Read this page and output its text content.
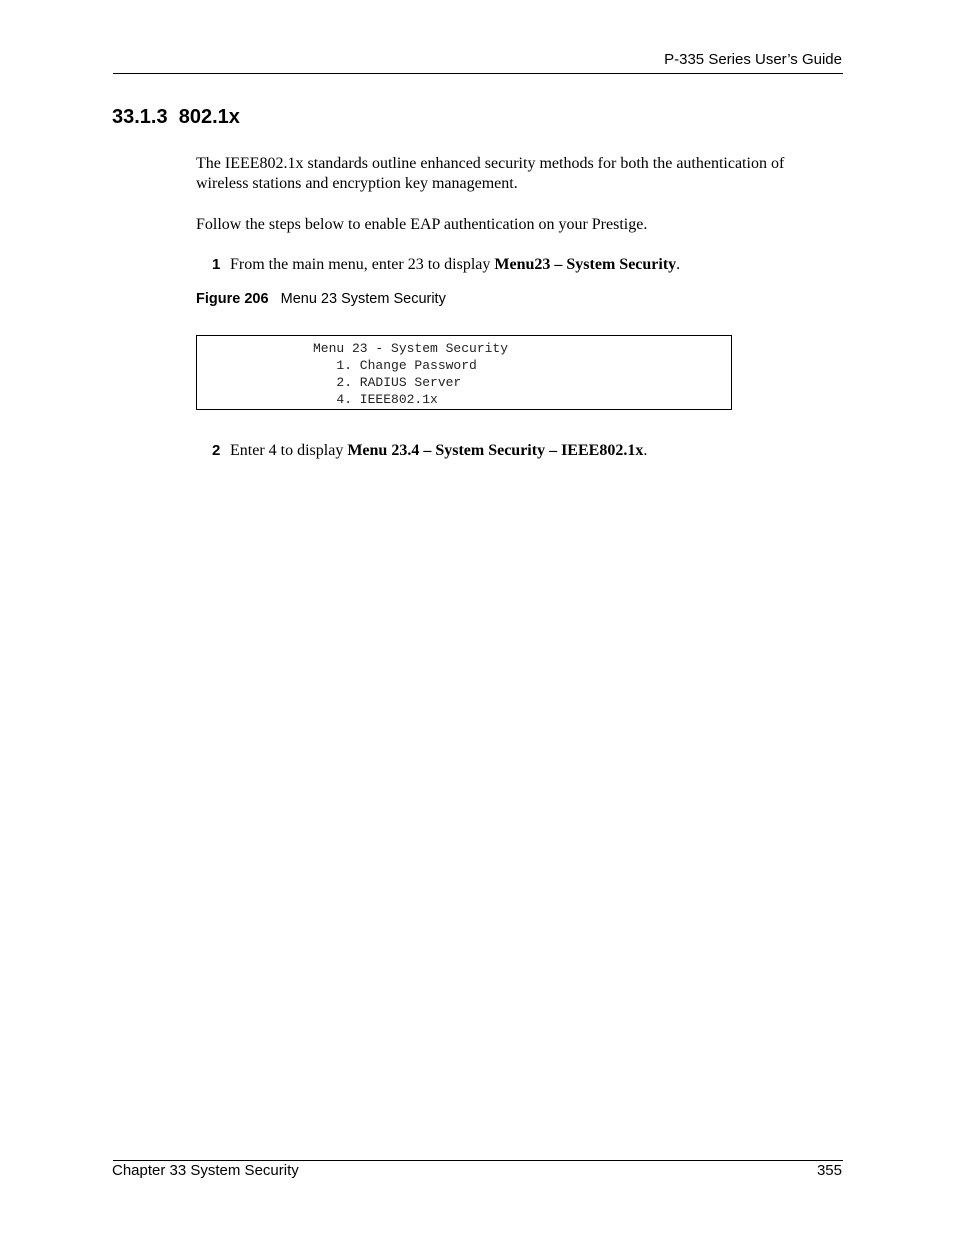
P-335 Series User’s Guide
33.1.3 802.1x

The IEEE802.1x standards outline enhanced security methods for both the authentication of wireless stations and encryption key management.

Follow the steps below to enable EAP authentication on your Prestige.

1 From the main menu, enter 23 to display Menu23 – System Security.
Figure 206 Menu 23 System Security
Menu 23 - System Security
1. Change Password
2. RADIUS Server
4. IEEE802.1x
2 Enter 4 to display Menu 23.4 – System Security – IEEE802.1x.
Chapter 33 System Security	355
